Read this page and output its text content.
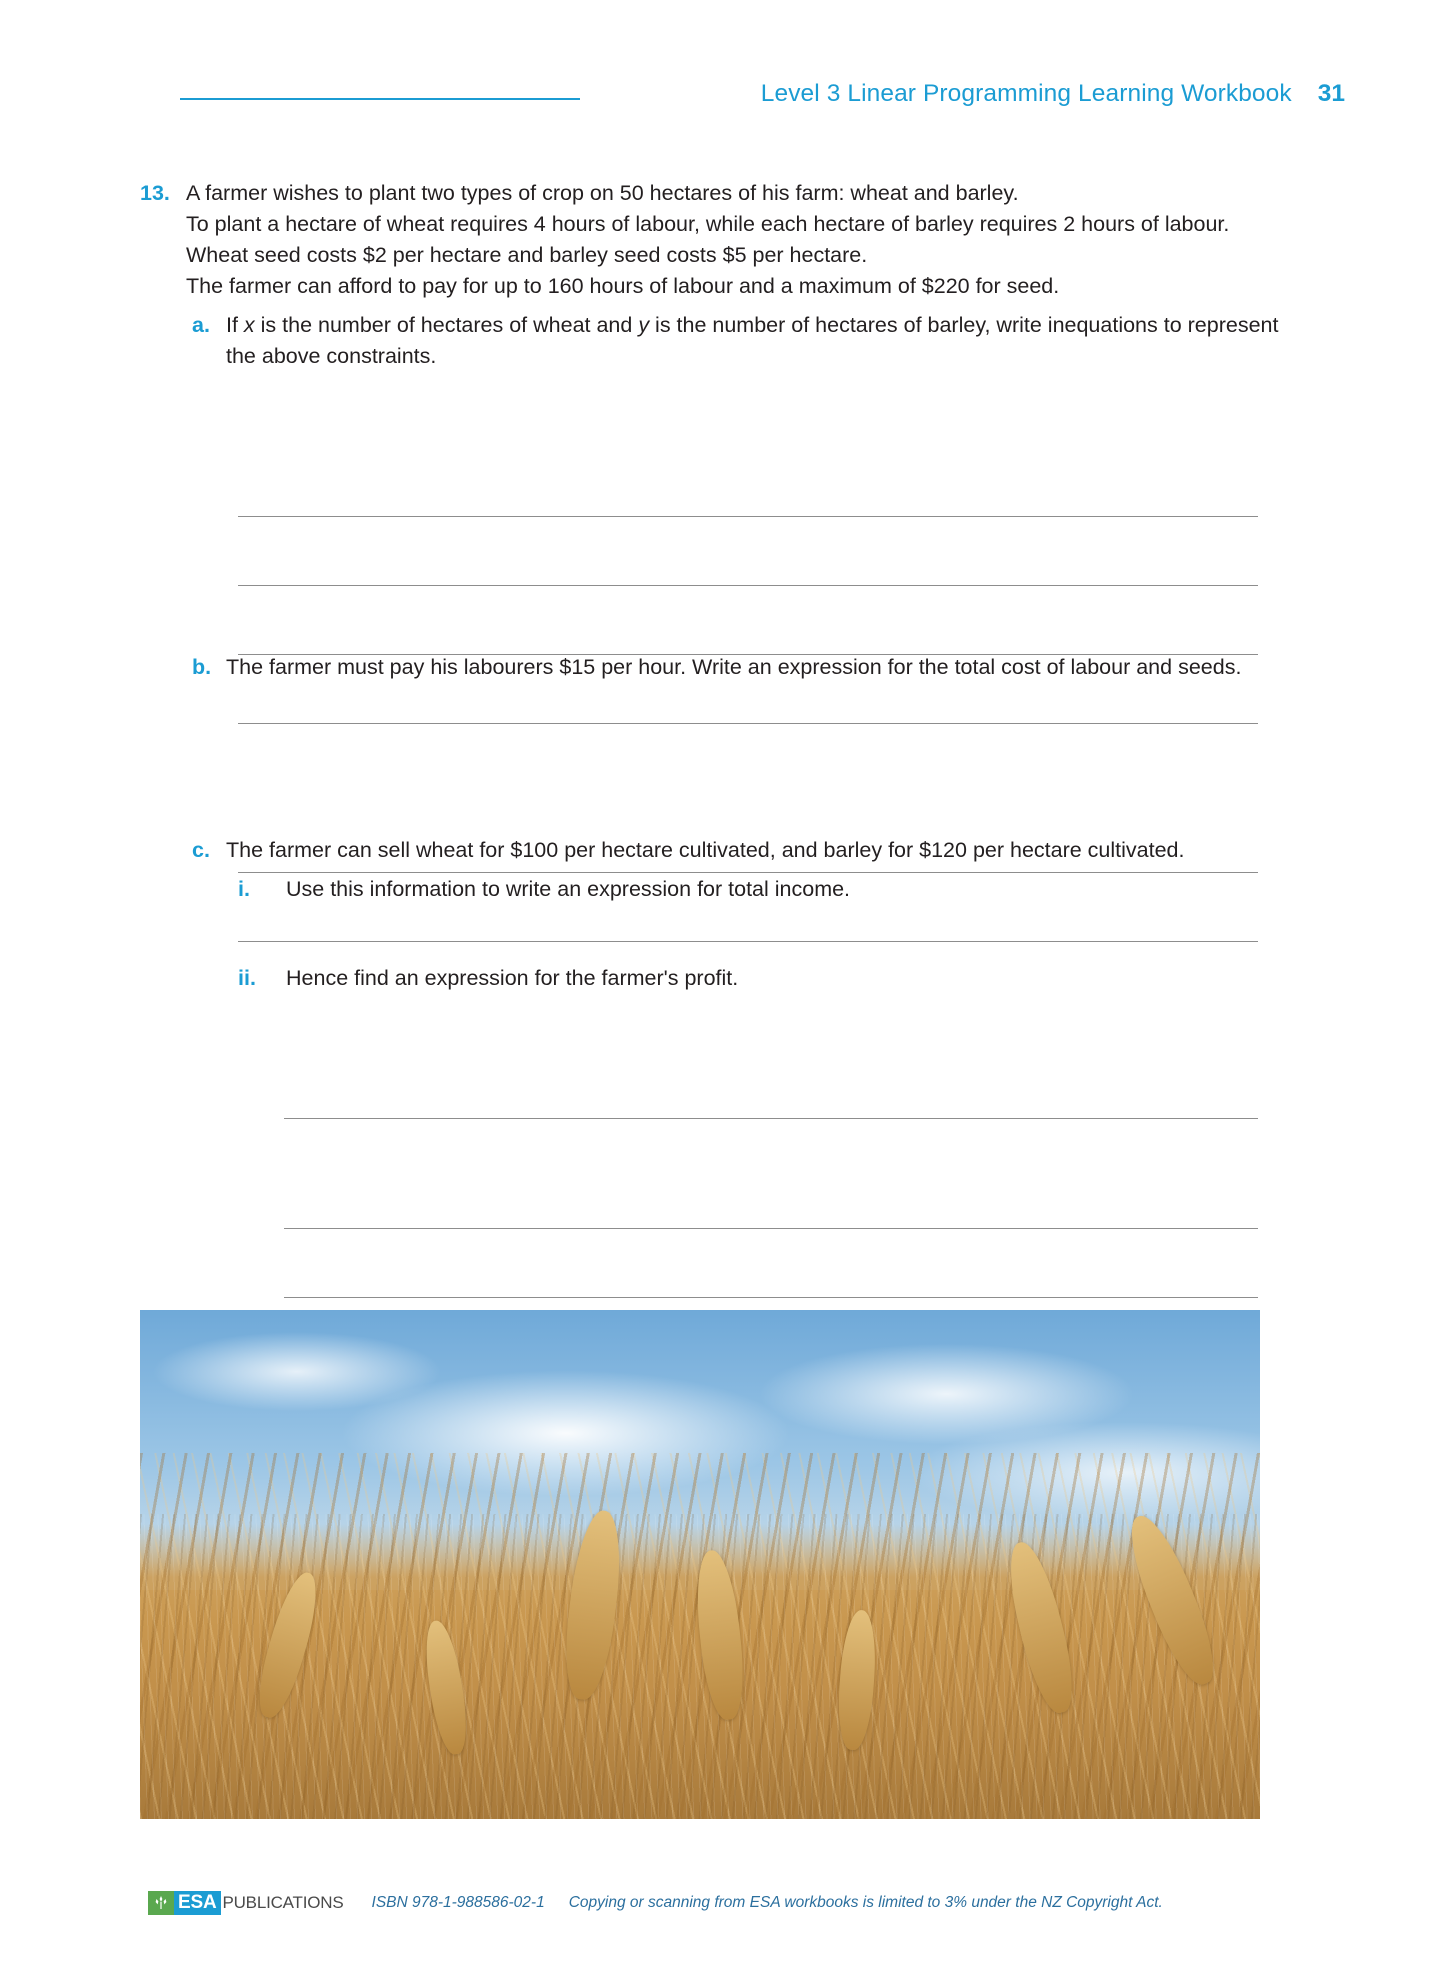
Level 3 Linear Programming Learning Workbook 31
13. A farmer wishes to plant two types of crop on 50 hectares of his farm: wheat and barley.

To plant a hectare of wheat requires 4 hours of labour, while each hectare of barley requires 2 hours of labour.

Wheat seed costs $2 per hectare and barley seed costs $5 per hectare.

The farmer can afford to pay for up to 160 hours of labour and a maximum of $220 for seed.

a. If x is the number of hectares of wheat and y is the number of hectares of barley, write inequations to represent the above constraints.
b. The farmer must pay his labourers $15 per hour. Write an expression for the total cost of labour and seeds.
c. The farmer can sell wheat for $100 per hectare cultivated, and barley for $120 per hectare cultivated.
i.	Use this information to write an expression for total income.
ii.	Hence find an expression for the farmer's profit.
ESA PUBLICATIONS ISBN 978-1-988586-02-1 Copying or scanning from ESA workbooks is limited to 3% under the NZ Copyright Act.
